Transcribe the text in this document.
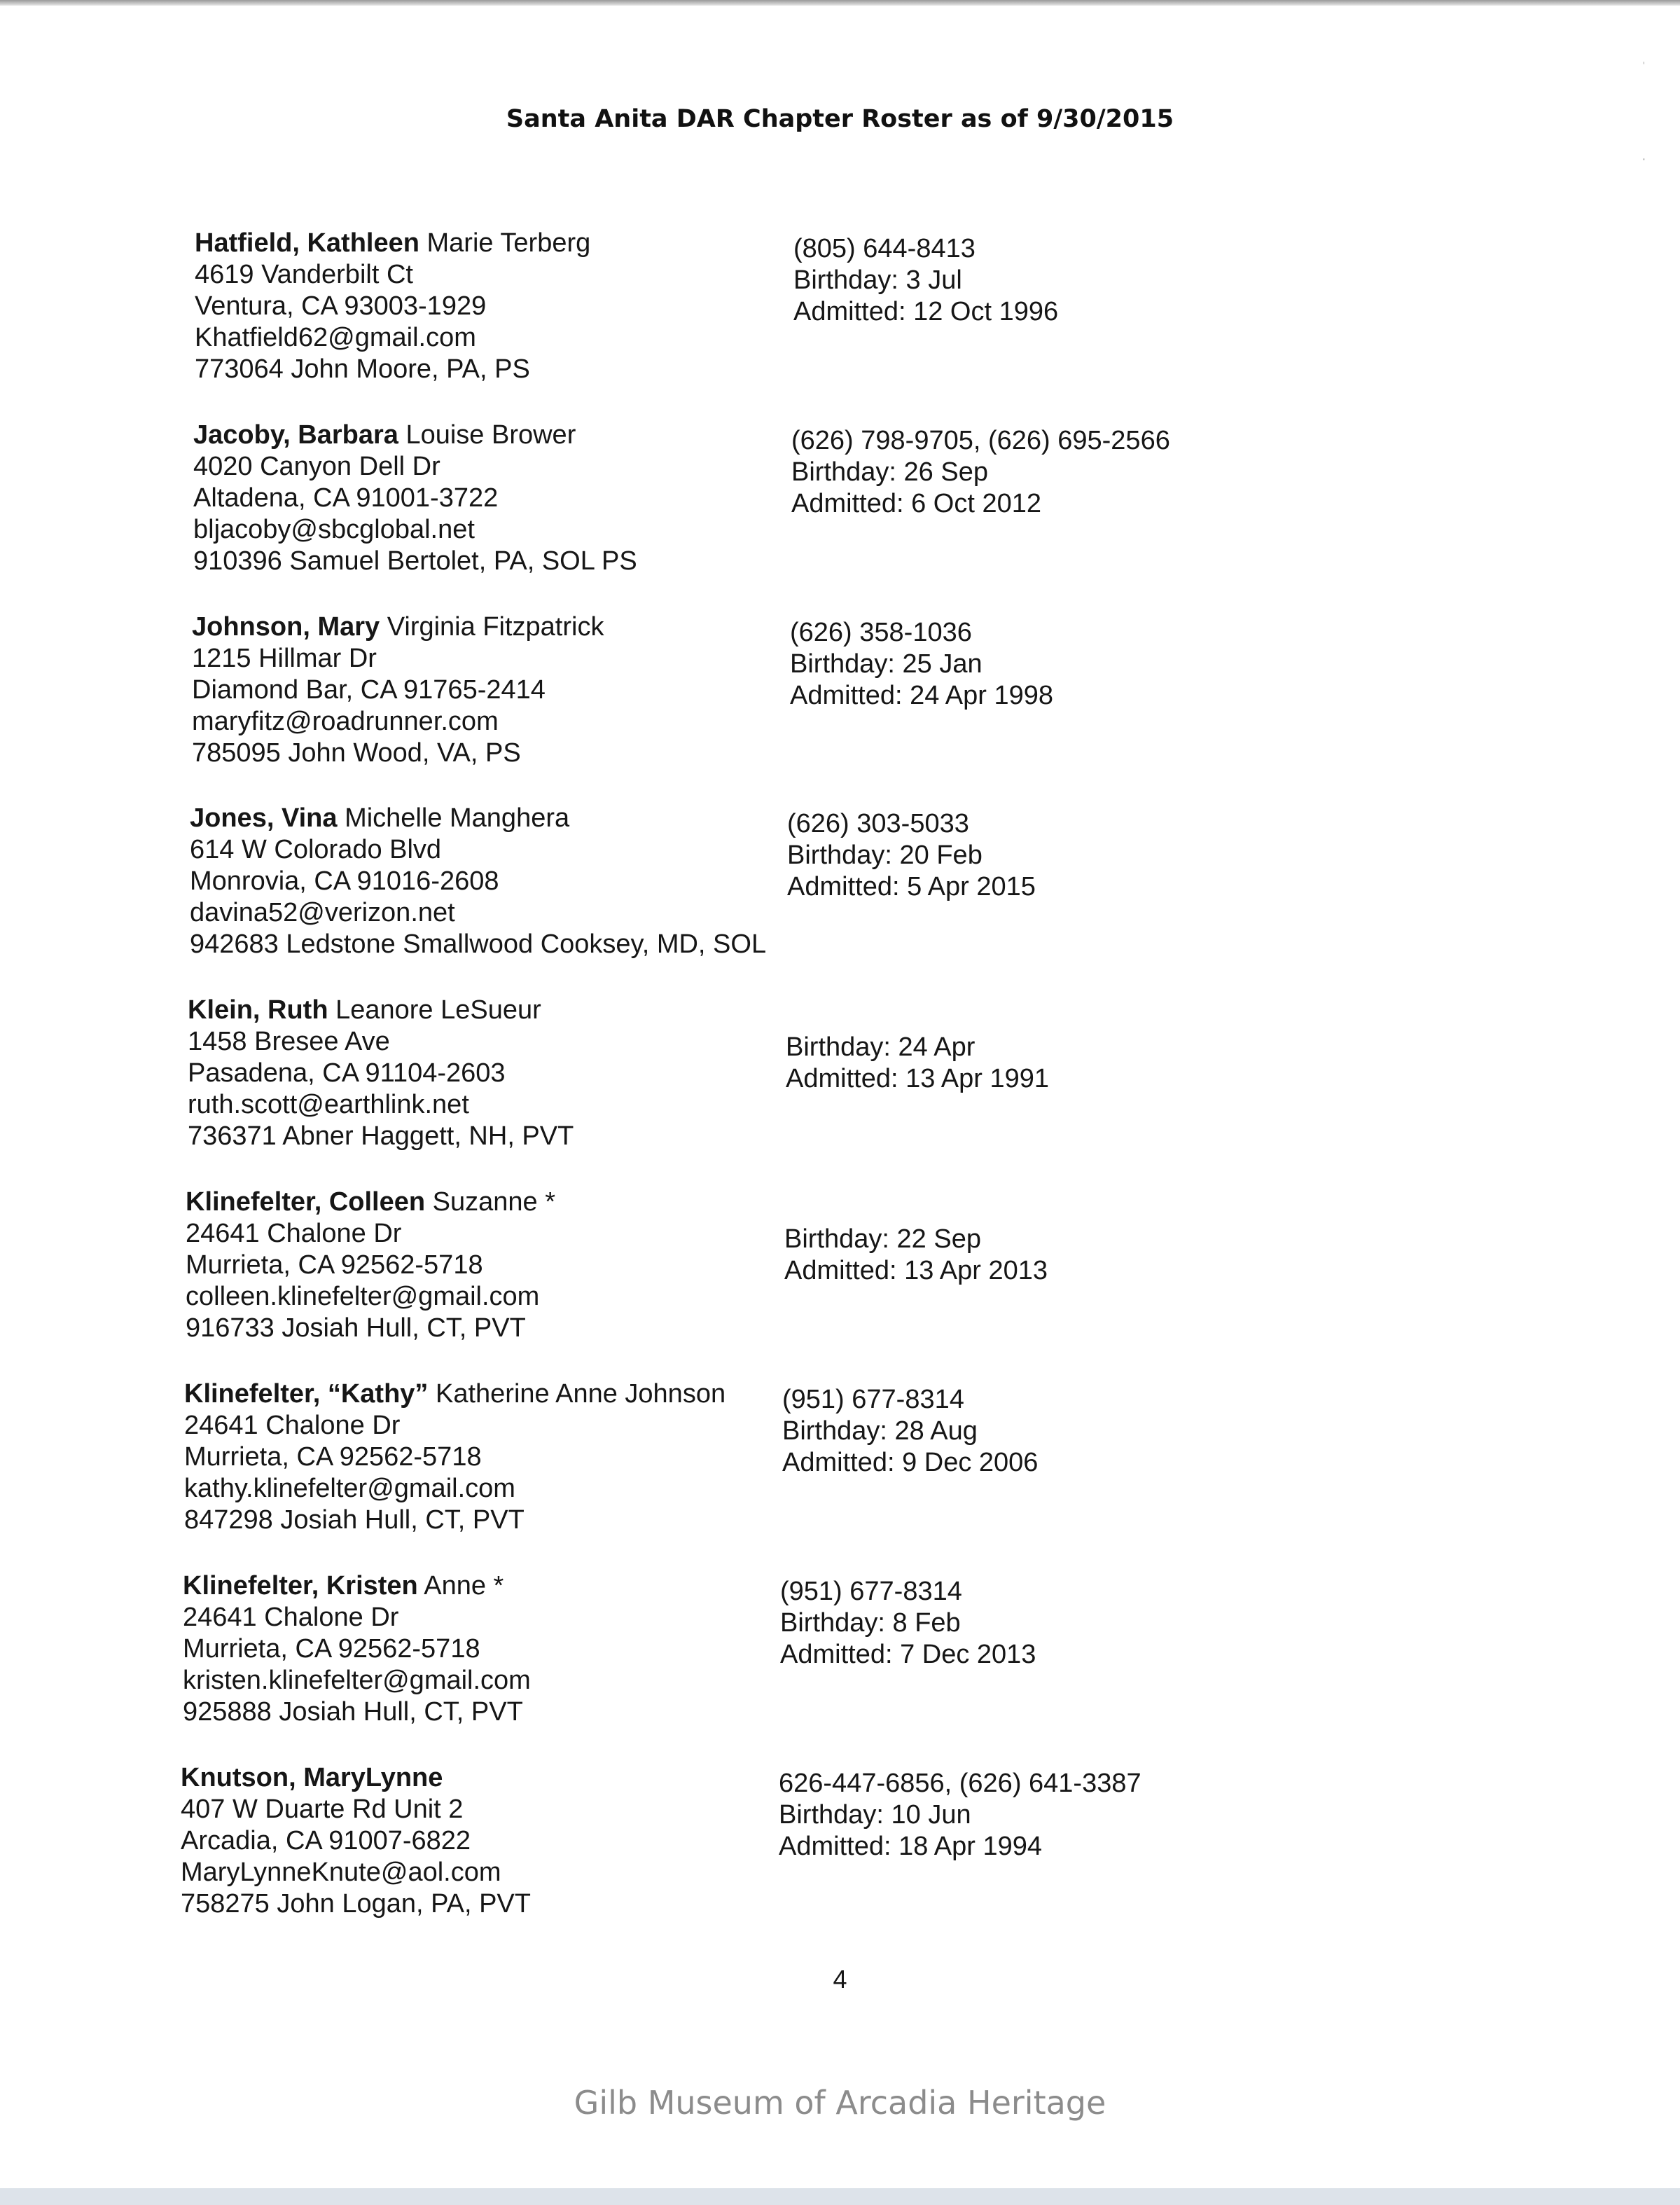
ˈ
·
Santa Anita DAR Chapter Roster as of 9/30/2015
Hatfield, Kathleen Marie Terberg
4619 Vanderbilt Ct
Ventura, CA 93003-1929
Khatfield62@gmail.com
773064 John Moore, PA, PS
(805) 644-8413
Birthday: 3 Jul
Admitted: 12 Oct 1996
Jacoby, Barbara Louise Brower
4020 Canyon Dell Dr
Altadena, CA 91001-3722
bljacoby@sbcglobal.net
910396 Samuel Bertolet, PA, SOL PS
(626) 798-9705, (626) 695-2566
Birthday: 26 Sep
Admitted: 6 Oct 2012
Johnson, Mary Virginia Fitzpatrick
1215 Hillmar Dr
Diamond Bar, CA 91765-2414
maryfitz@roadrunner.com
785095 John Wood, VA, PS
(626) 358-1036
Birthday: 25 Jan
Admitted: 24 Apr 1998
Jones, Vina Michelle Manghera
614 W Colorado Blvd
Monrovia, CA 91016-2608
davina52@verizon.net
942683 Ledstone Smallwood Cooksey, MD, SOL
(626) 303-5033
Birthday: 20 Feb
Admitted: 5 Apr 2015
Klein, Ruth Leanore LeSueur
1458 Bresee Ave
Pasadena, CA 91104-2603
ruth.scott@earthlink.net
736371 Abner Haggett, NH, PVT

Birthday: 24 Apr
Admitted: 13 Apr 1991
Klinefelter, Colleen Suzanne *
24641 Chalone Dr
Murrieta, CA 92562-5718
colleen.klinefelter@gmail.com
916733 Josiah Hull, CT, PVT

Birthday: 22 Sep
Admitted: 13 Apr 2013
Klinefelter, “Kathy” Katherine Anne Johnson
24641 Chalone Dr
Murrieta, CA 92562-5718
kathy.klinefelter@gmail.com
847298 Josiah Hull, CT, PVT
(951) 677-8314
Birthday: 28 Aug
Admitted: 9 Dec 2006
Klinefelter, Kristen Anne *
24641 Chalone Dr
Murrieta, CA 92562-5718
kristen.klinefelter@gmail.com
925888 Josiah Hull, CT, PVT
(951) 677-8314
Birthday: 8 Feb
Admitted: 7 Dec 2013
Knutson, MaryLynne
407 W Duarte Rd Unit 2
Arcadia, CA 91007-6822
MaryLynneKnute@aol.com
758275 John Logan, PA, PVT
626-447-6856, (626) 641-3387
Birthday: 10 Jun
Admitted: 18 Apr 1994
4
Gilb Museum of Arcadia Heritage
